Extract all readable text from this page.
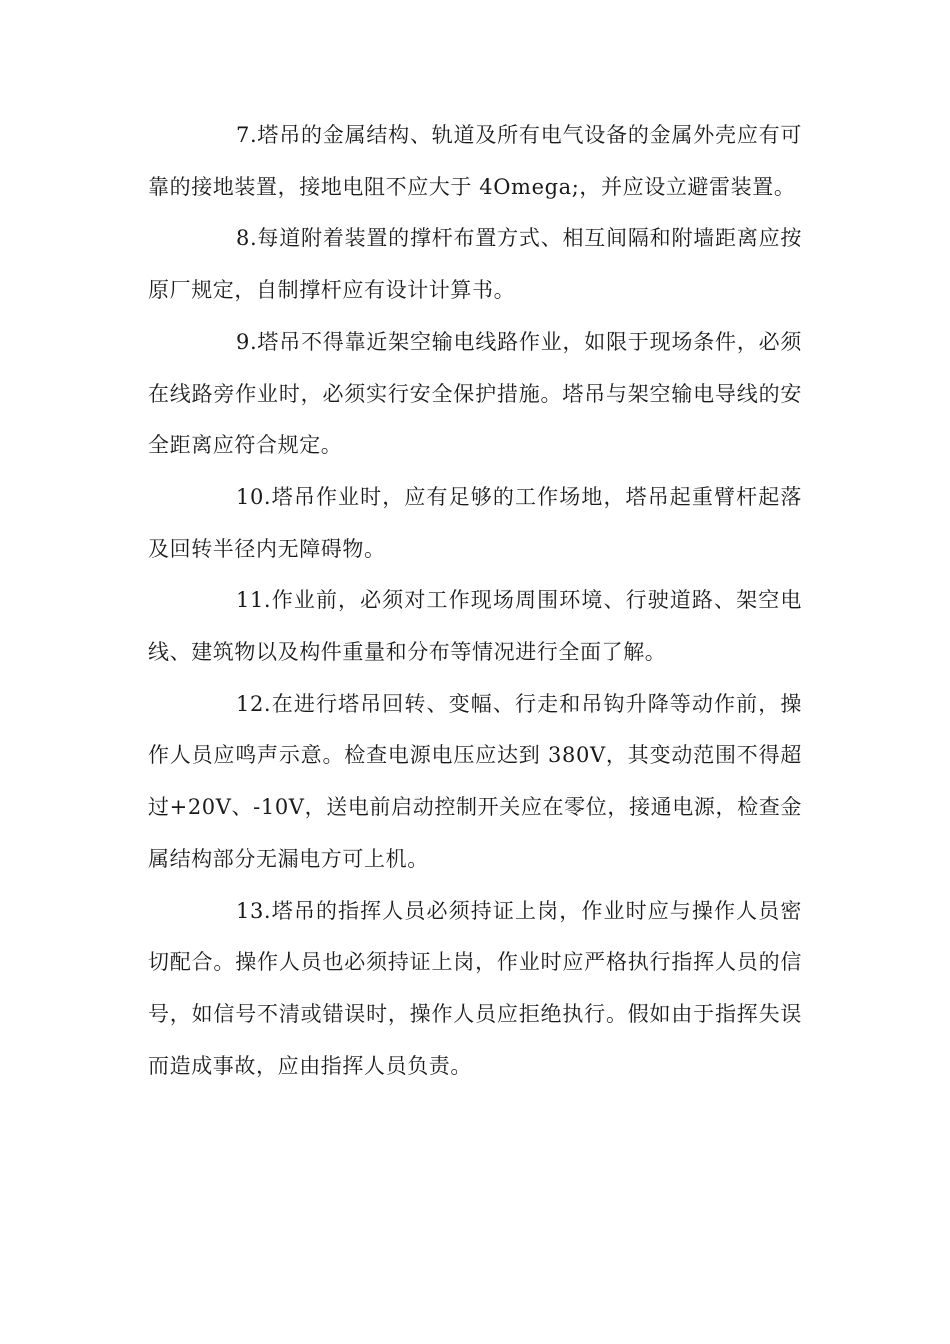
7.塔吊的金属结构、轨道及所有电气设备的金属外壳应有可靠的接地装置，接地电阻不应大于 4Omega;，并应设立避雷装置。

8.每道附着装置的撑杆布置方式、相互间隔和附墙距离应按原厂规定，自制撑杆应有设计计算书。

9.塔吊不得靠近架空输电线路作业，如限于现场条件，必须在线路旁作业时，必须实行安全保护措施。塔吊与架空输电导线的安全距离应符合规定。

10.塔吊作业时，应有足够的工作场地，塔吊起重臂杆起落及回转半径内无障碍物。

11.作业前，必须对工作现场周围环境、行驶道路、架空电线、建筑物以及构件重量和分布等情况进行全面了解。

12.在进行塔吊回转、变幅、行走和吊钩升降等动作前，操作人员应鸣声示意。检查电源电压应达到 380V，其变动范围不得超过+20V、-10V，送电前启动控制开关应在零位，接通电源，检查金属结构部分无漏电方可上机。

13.塔吊的指挥人员必须持证上岗，作业时应与操作人员密切配合。操作人员也必须持证上岗，作业时应严格执行指挥人员的信号，如信号不清或错误时，操作人员应拒绝执行。假如由于指挥失误而造成事故，应由指挥人员负责。
